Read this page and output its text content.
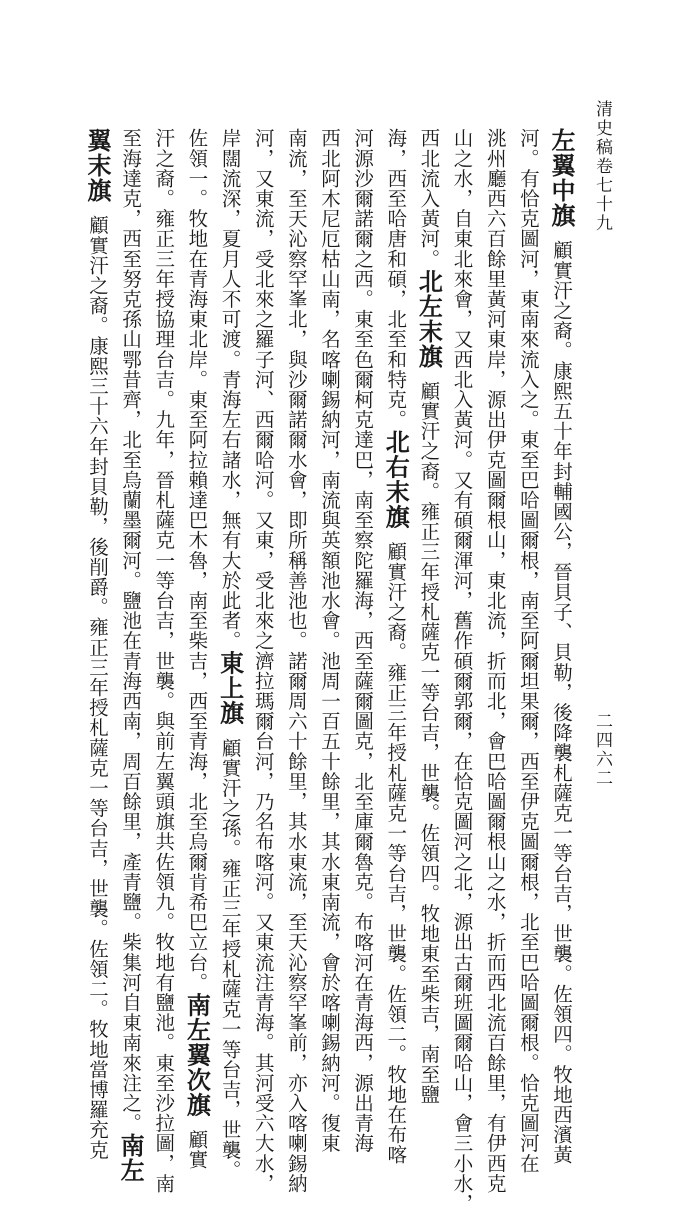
清史稿卷七十九
二四六二
左翼中旗顧實汗之裔。康熙五十年封輔國公，晉貝子、貝勒，後降襲札薩克一等台吉，世襲。佐領四。牧地西濱黃
河。有恰克圖河，東南來流入之。東至巴哈圖爾根，南至阿爾坦果爾，西至伊克圖爾根，北至巴哈圖爾根。恰克圖河在
洮州廳西六百餘里黃河東岸，源出伊克圖爾根山，東北流，折而北，會巴哈圖爾根山之水，折而西北流百餘里，有伊西克
山之水，自東北來會，又西北入黃河。又有碩爾渾河，舊作碩爾郭爾，在恰克圖河之北，源出古爾班圖爾哈山，會三小水，
西北流入黃河。北左末旗顧實汗之裔。雍正三年授札薩克一等台吉，世襲。佐領四。牧地東至柴吉，南至鹽
海，西至哈唐和碩，北至和特克。北右末旗顧實汗之裔。雍正三年授札薩克一等台吉，世襲。佐領二。牧地在布喀
河源沙爾諾爾之西。東至色爾柯克達巴，南至察陀羅海，西至薩爾圖克，北至庫爾魯克。布喀河在青海西，源出青海
西北阿木尼厄枯山南，名喀喇錫納河，南流與英額池水會。池周一百五十餘里，其水東南流，會於喀喇錫納河。復東
南流，至天沁察罕峯北，與沙爾諾爾水會，即所稱善池也。諾爾周六十餘里，其水東流，至天沁察罕峯前，亦入喀喇錫納
河，又東流，受北來之羅子河、西爾哈河。又東，受北來之濟拉瑪爾台河，乃名布喀河。又東流注青海。其河受六大水，
岸闊流深，夏月人不可渡。青海左右諸水，無有大於此者。東上旗顧實汗之孫。雍正三年授札薩克一等台吉，世襲。
佐領一。牧地在青海東北岸。東至阿拉賴達巴木魯，南至柴吉，西至青海，北至烏爾肯希巴立台。南左翼次旗顧實
汗之裔。雍正三年授協理台吉。九年，晉札薩克一等台吉，世襲。與前左翼頭旗共佐領九。牧地有鹽池。東至沙拉圖，南
至海達克，西至努克孫山鄂昔齊，北至烏蘭墨爾河。鹽池在青海西南，周百餘里，產青鹽。柴集河自東南來注之。南左
翼末旗顧實汗之裔。康熙三十六年封貝勒，後削爵。雍正三年授札薩克一等台吉，世襲。佐領二。牧地當博羅充克
